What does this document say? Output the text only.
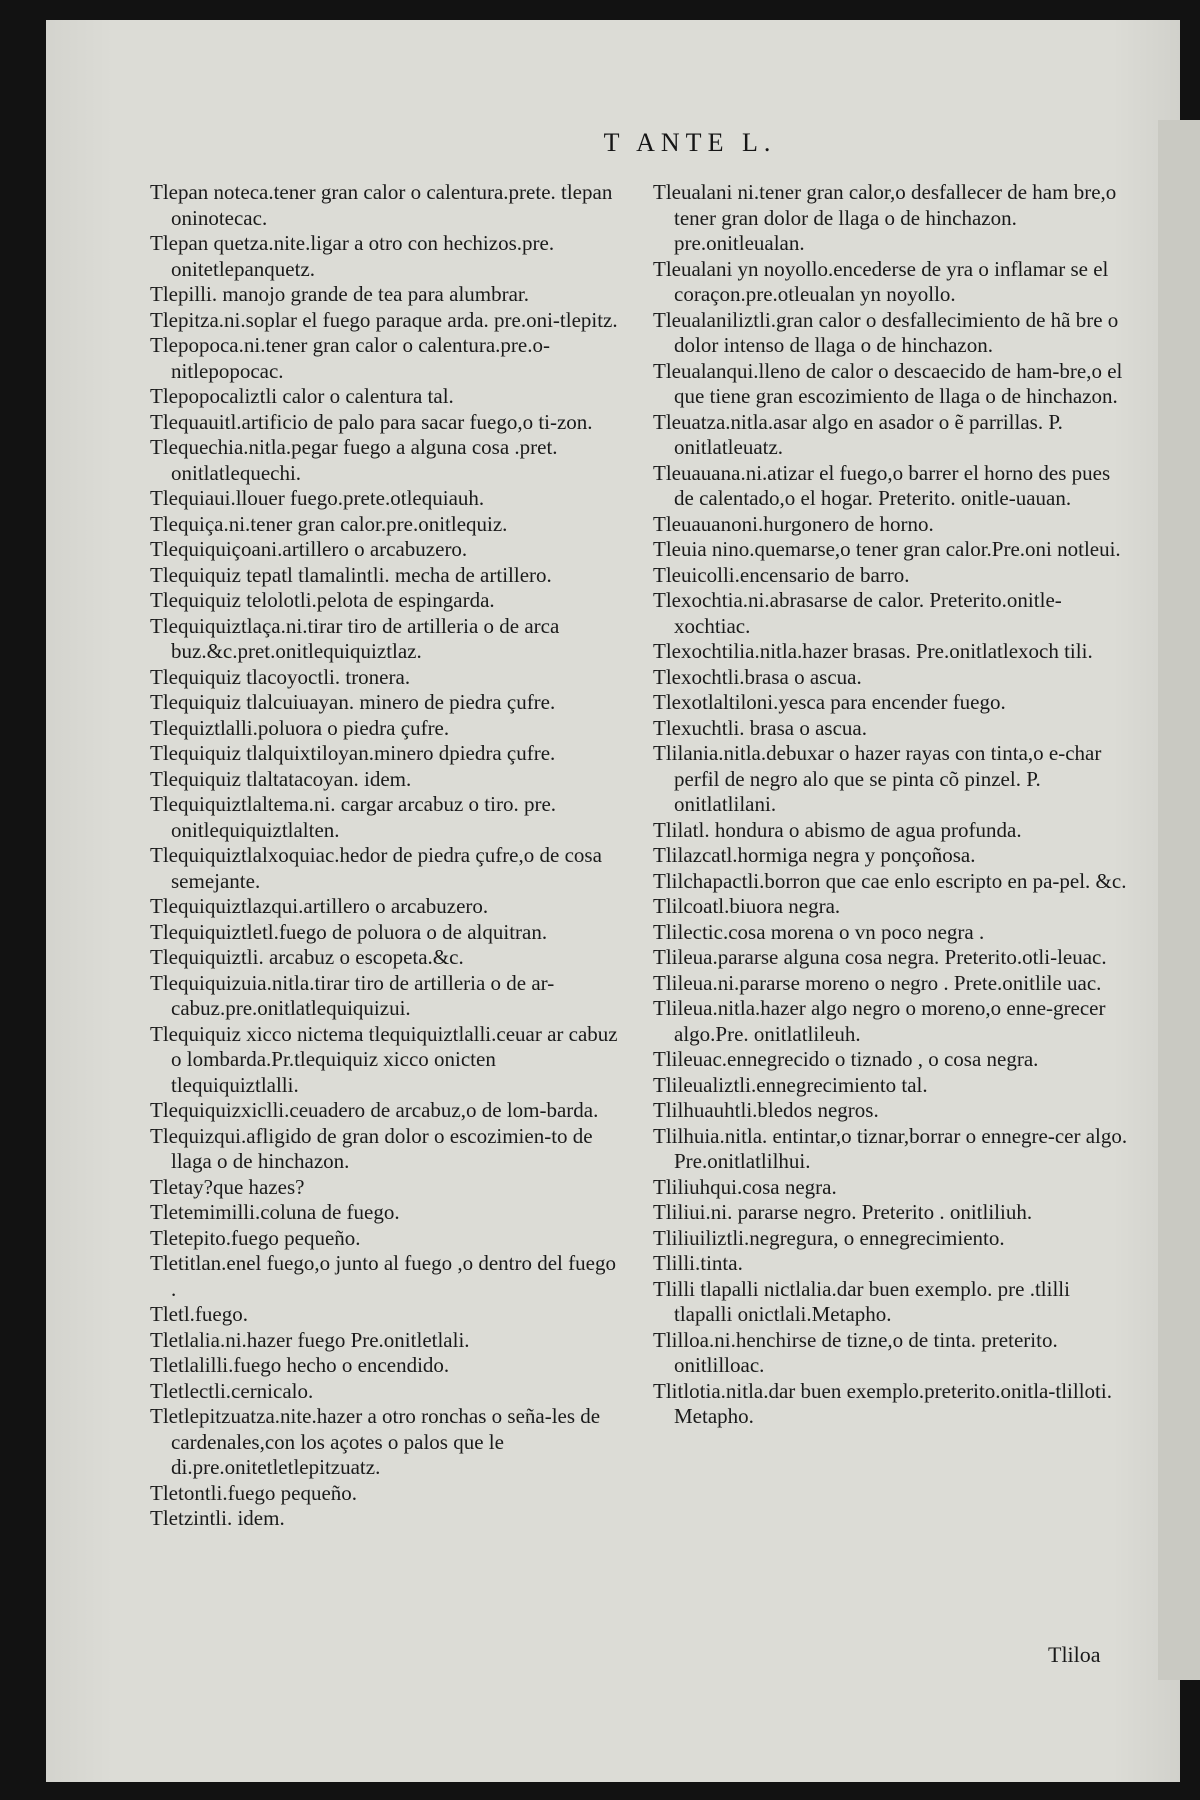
T ANTE L.

Tlepan noteca.tener gran calor o calentura.prete. tlepan oninotecac.

Tlepan quetza.nite.ligar a otro con hechizos.pre. onitetlepanquetz.

Tlepilli. manojo grande de tea para alumbrar.

Tlepitza.ni.soplar el fuego paraque arda. pre.oni-tlepitz.

Tlepopoca.ni.tener gran calor o calentura.pre.o-nitlepopocac.

Tlepopocaliztli calor o calentura tal.

Tlequauitl.artificio de palo para sacar fuego,o ti-zon.

Tlequechia.nitla.pegar fuego a alguna cosa .pret. onitlatlequechi.

Tlequiaui.llouer fuego.prete.otlequiauh.

Tlequiça.ni.tener gran calor.pre.onitlequiz.

Tlequiquiçoani.artillero o arcabuzero.

Tlequiquiz tepatl tlamalintli. mecha de artillero.

Tlequiquiz telolotli.pelota de espingarda.

Tlequiquiztlaça.ni.tirar tiro de artilleria o de arca buz.&c.pret.onitlequiquiztlaz.

Tlequiquiz tlacoyoctli. tronera.

Tlequiquiz tlalcuiuayan. minero de piedra çufre.

Tlequiztlalli.poluora o piedra çufre.

Tlequiquiz tlalquixtiloyan.minero dpiedra çufre.

Tlequiquiz tlaltatacoyan. idem.

Tlequiquiztlaltema.ni. cargar arcabuz o tiro. pre. onitlequiquiztlalten.

Tlequiquiztlalxoquiac.hedor de piedra çufre,o de cosa semejante.

Tlequiquiztlazqui.artillero o arcabuzero.

Tlequiquiztletl.fuego de poluora o de alquitran.

Tlequiquiztli. arcabuz o escopeta.&c.

Tlequiquizuia.nitla.tirar tiro de artilleria o de ar-cabuz.pre.onitlatlequiquizui.

Tlequiquiz xicco nictema tlequiquiztlalli.ceuar ar cabuz o lombarda.Pr.tlequiquiz xicco onicten tlequiquiztlalli.

Tlequiquizxiclli.ceuadero de arcabuz,o de lom-barda.

Tlequizqui.afligido de gran dolor o escozimien-to de llaga o de hinchazon.

Tletay?que hazes?

Tletemimilli.coluna de fuego.

Tletepito.fuego pequeño.

Tletitlan.enel fuego,o junto al fuego ,o dentro del fuego .

Tletl.fuego.

Tletlalia.ni.hazer fuego Pre.onitletlali.

Tletlalilli.fuego hecho o encendido.

Tletlectli.cernicalo.

Tletlepitzuatza.nite.hazer a otro ronchas o seña-les de cardenales,con los açotes o palos que le di.pre.onitetletlepitzuatz.

Tletontli.fuego pequeño.

Tletzintli. idem.

Tleualani ni.tener gran calor,o desfallecer de ham bre,o tener gran dolor de llaga o de hinchazon. pre.onitleualan.

Tleualani yn noyollo.encederse de yra o inflamar se el coraçon.pre.otleualan yn noyollo.

Tleualaniliztli.gran calor o desfallecimiento de hã bre o dolor intenso de llaga o de hinchazon.

Tleualanqui.lleno de calor o descaecido de ham-bre,o el que tiene gran escozimiento de llaga o de hinchazon.

Tleuatza.nitla.asar algo en asador o ẽ parrillas. P. onitlatleuatz.

Tleuauana.ni.atizar el fuego,o barrer el horno des pues de calentado,o el hogar. Preterito. onitle-uauan.

Tleuauanoni.hurgonero de horno.

Tleuia nino.quemarse,o tener gran calor.Pre.oni notleui.

Tleuicolli.encensario de barro.

Tlexochtia.ni.abrasarse de calor. Preterito.onitle-xochtiac.

Tlexochtilia.nitla.hazer brasas. Pre.onitlatlexoch tili.

Tlexochtli.brasa o ascua.

Tlexotlaltiloni.yesca para encender fuego.

Tlexuchtli. brasa o ascua.

Tlilania.nitla.debuxar o hazer rayas con tinta,o e-char perfil de negro alo que se pinta cõ pinzel. P. onitlatlilani.

Tlilatl. hondura o abismo de agua profunda.

Tlilazcatl.hormiga negra y ponçoñosa.

Tlilchapactli.borron que cae enlo escripto en pa-pel. &c.

Tlilcoatl.biuora negra.

Tlilectic.cosa morena o vn poco negra .

Tlileua.pararse alguna cosa negra. Preterito.otli-leuac.

Tlileua.ni.pararse moreno o negro . Prete.onitlile uac.

Tlileua.nitla.hazer algo negro o moreno,o enne-grecer algo.Pre. onitlatlileuh.

Tlileuac.ennegrecido o tiznado , o cosa negra.

Tlileualiztli.ennegrecimiento tal.

Tlilhuauhtli.bledos negros.

Tlilhuia.nitla. entintar,o tiznar,borrar o ennegre-cer algo. Pre.onitlatlilhui.

Tliliuhqui.cosa negra.

Tliliui.ni. pararse negro. Preterito . onitliliuh.

Tliliuiliztli.negregura, o ennegrecimiento.

Tlilli.tinta.

Tlilli tlapalli nictlalia.dar buen exemplo. pre .tlilli tlapalli onictlali.Metapho.

Tlilloa.ni.henchirse de tizne,o de tinta. preterito. onitlilloac.

Tlitlotia.nitla.dar buen exemplo.preterito.onitla-tlilloti. Metapho.

Tliloa
